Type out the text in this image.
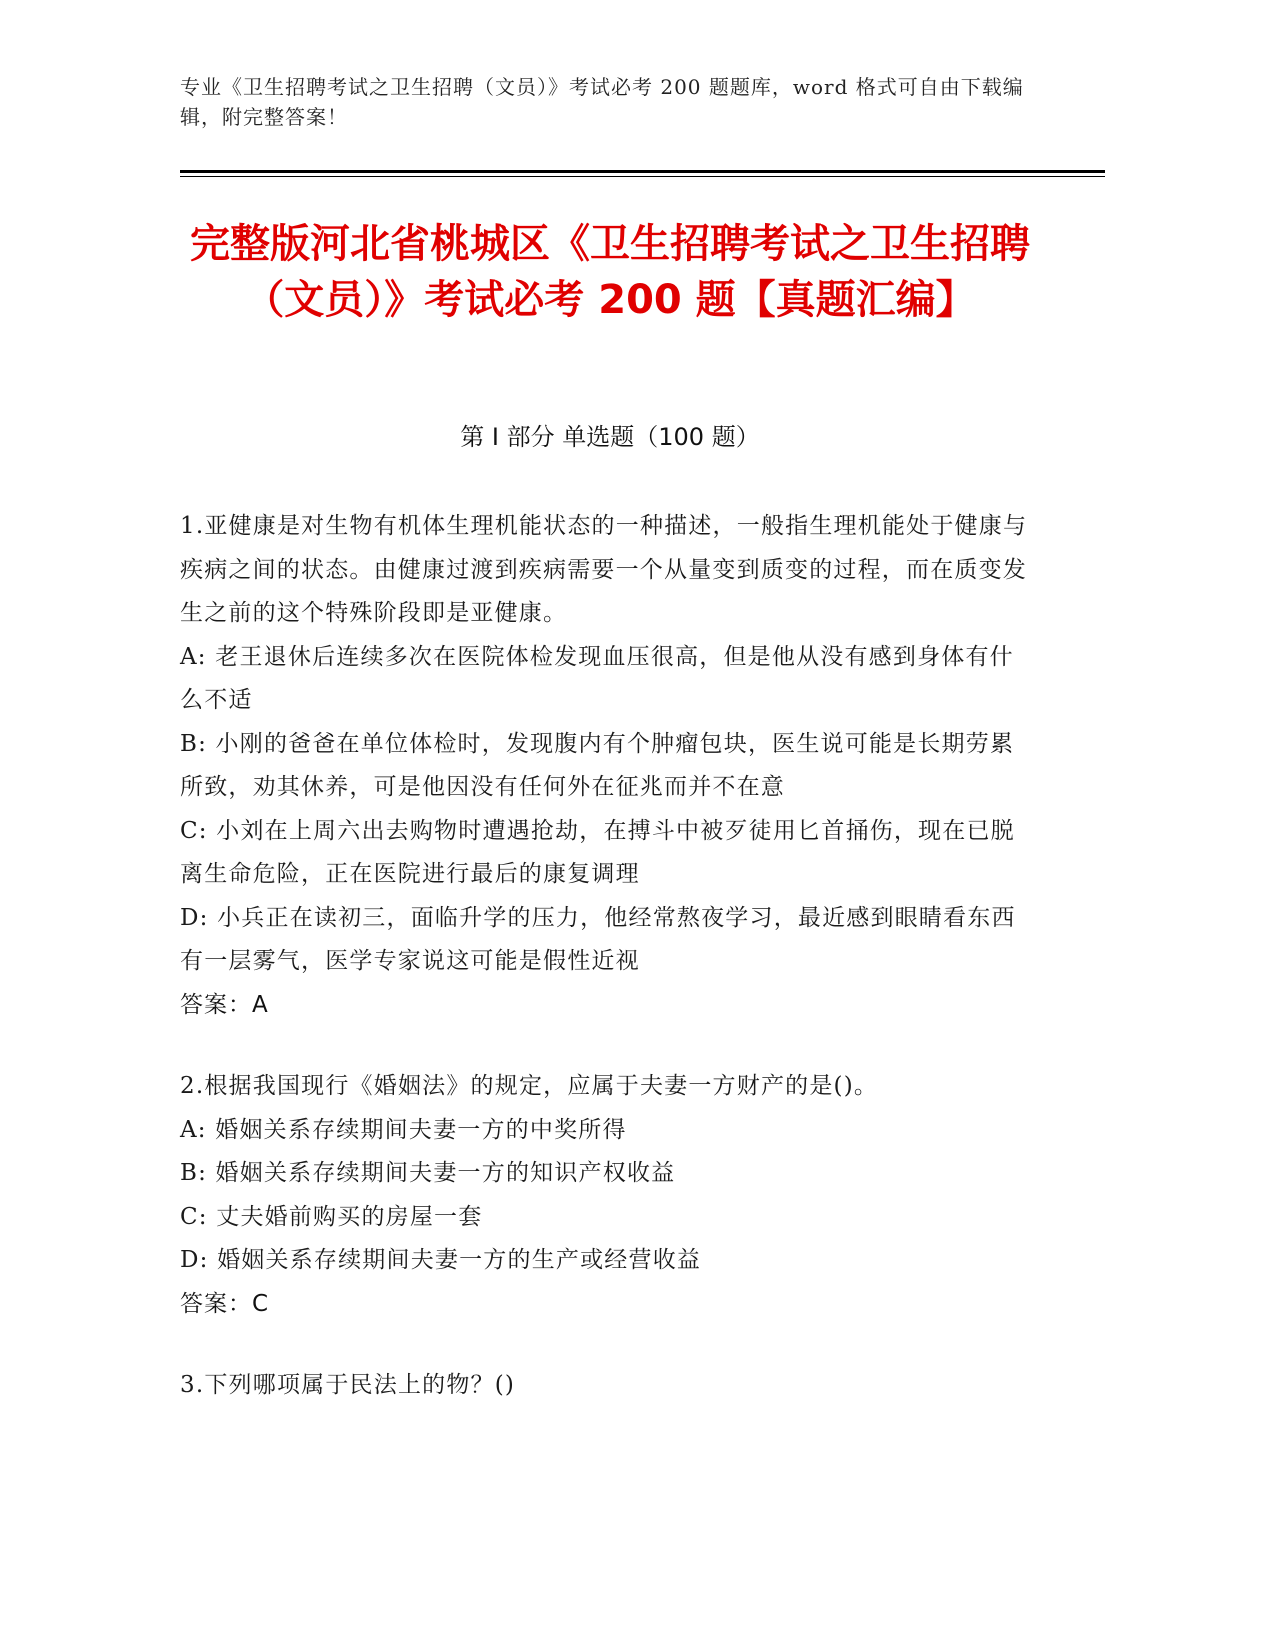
专业《卫生招聘考试之卫生招聘（文员）》考试必考 200 题题库，word 格式可自由下载编辑，附完整答案！
完整版河北省桃城区《卫生招聘考试之卫生招聘（文员）》考试必考 200 题【真题汇编】
第 I 部分 单选题（100 题）
1.亚健康是对生物有机体生理机能状态的一种描述，一般指生理机能处于健康与疾病之间的状态。由健康过渡到疾病需要一个从量变到质变的过程，而在质变发生之前的这个特殊阶段即是亚健康。
A: 老王退休后连续多次在医院体检发现血压很高，但是他从没有感到身体有什么不适
B: 小刚的爸爸在单位体检时，发现腹内有个肿瘤包块，医生说可能是长期劳累所致，劝其休养，可是他因没有任何外在征兆而并不在意
C: 小刘在上周六出去购物时遭遇抢劫，在搏斗中被歹徒用匕首捅伤，现在已脱离生命危险，正在医院进行最后的康复调理
D: 小兵正在读初三，面临升学的压力，他经常熬夜学习，最近感到眼睛看东西有一层雾气，医学专家说这可能是假性近视
答案：A
2.根据我国现行《婚姻法》的规定，应属于夫妻一方财产的是()。
A: 婚姻关系存续期间夫妻一方的中奖所得
B: 婚姻关系存续期间夫妻一方的知识产权收益
C: 丈夫婚前购买的房屋一套
D: 婚姻关系存续期间夫妻一方的生产或经营收益
答案：C
3.下列哪项属于民法上的物？()
